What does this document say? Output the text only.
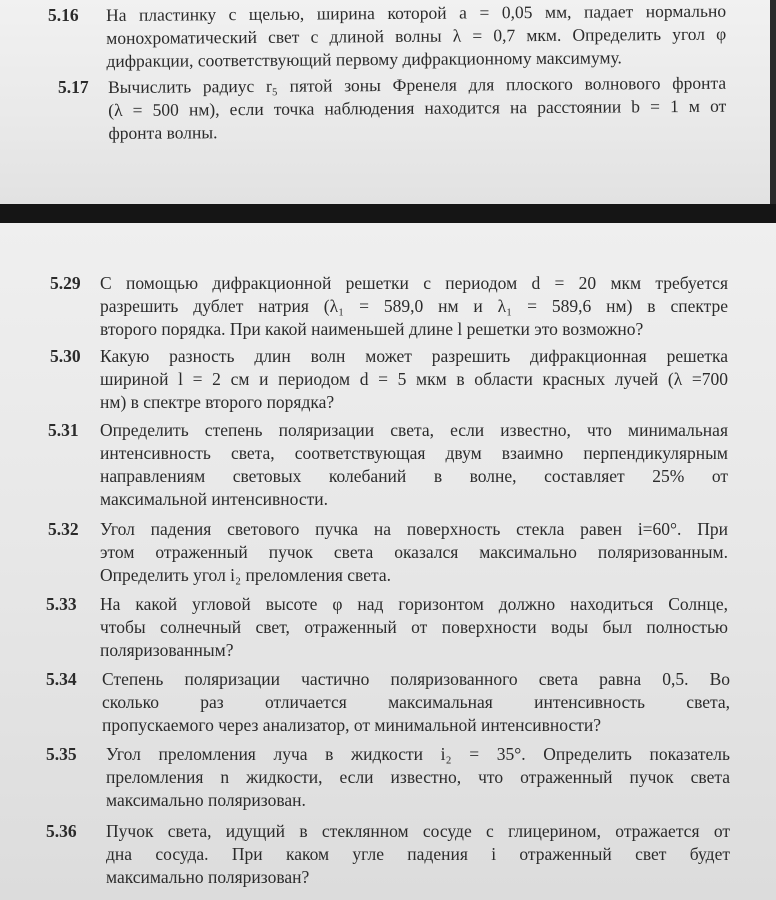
5.16 На пластинку с щелью, ширина которой a = 0,05 мм, падает нормально
монохроматический свет с длиной волны λ = 0,7 мкм. Определить угол φ
дифракции, соответствующий первому дифракционному максимуму.
5.17 Вычислить радиус r₅ пятой зоны Френеля для плоского волнового фронта
(λ = 500 нм), если точка наблюдения находится на расстоянии b = 1 м от
фронта волны.
5.29 С помощью дифракционной решетки с периодом d = 20 мкм требуется
разрешить дублет натрия (λ₁ = 589,0 нм и λ₁ = 589,6 нм) в спектре
второго порядка. При какой наименьшей длине l решетки это возможно?
5.30 Какую разность длин волн может разрешить дифракционная решетка
шириной l = 2 см и периодом d = 5 мкм в области красных лучей (λ =700
нм) в спектре второго порядка?
5.31 Определить степень поляризации света, если известно, что минимальная
интенсивность света, соответствующая двум взаимно перпендикулярным
направлениям световых колебаний в волне, составляет 25% от
максимальной интенсивности.
5.32 Угол падения светового пучка на поверхность стекла равен i=60°. При
этом отраженный пучок света оказался максимально поляризованным.
Определить угол i₂ преломления света.
5.33 На какой угловой высоте φ над горизонтом должно находиться Солнце,
чтобы солнечный свет, отраженный от поверхности воды был полностью
поляризованным?
5.34 Степень поляризации частично поляризованного света равна 0,5. Во
сколько раз отличается максимальная интенсивность света,
пропускаемого через анализатор, от минимальной интенсивности?
5.35 Угол преломления луча в жидкости i₂ = 35°. Определить показатель
преломления n жидкости, если известно, что отраженный пучок света
максимально поляризован.
5.36 Пучок света, идущий в стеклянном сосуде с глицерином, отражается от
дна сосуда. При каком угле падения i отраженный свет будет
максимально поляризован?
